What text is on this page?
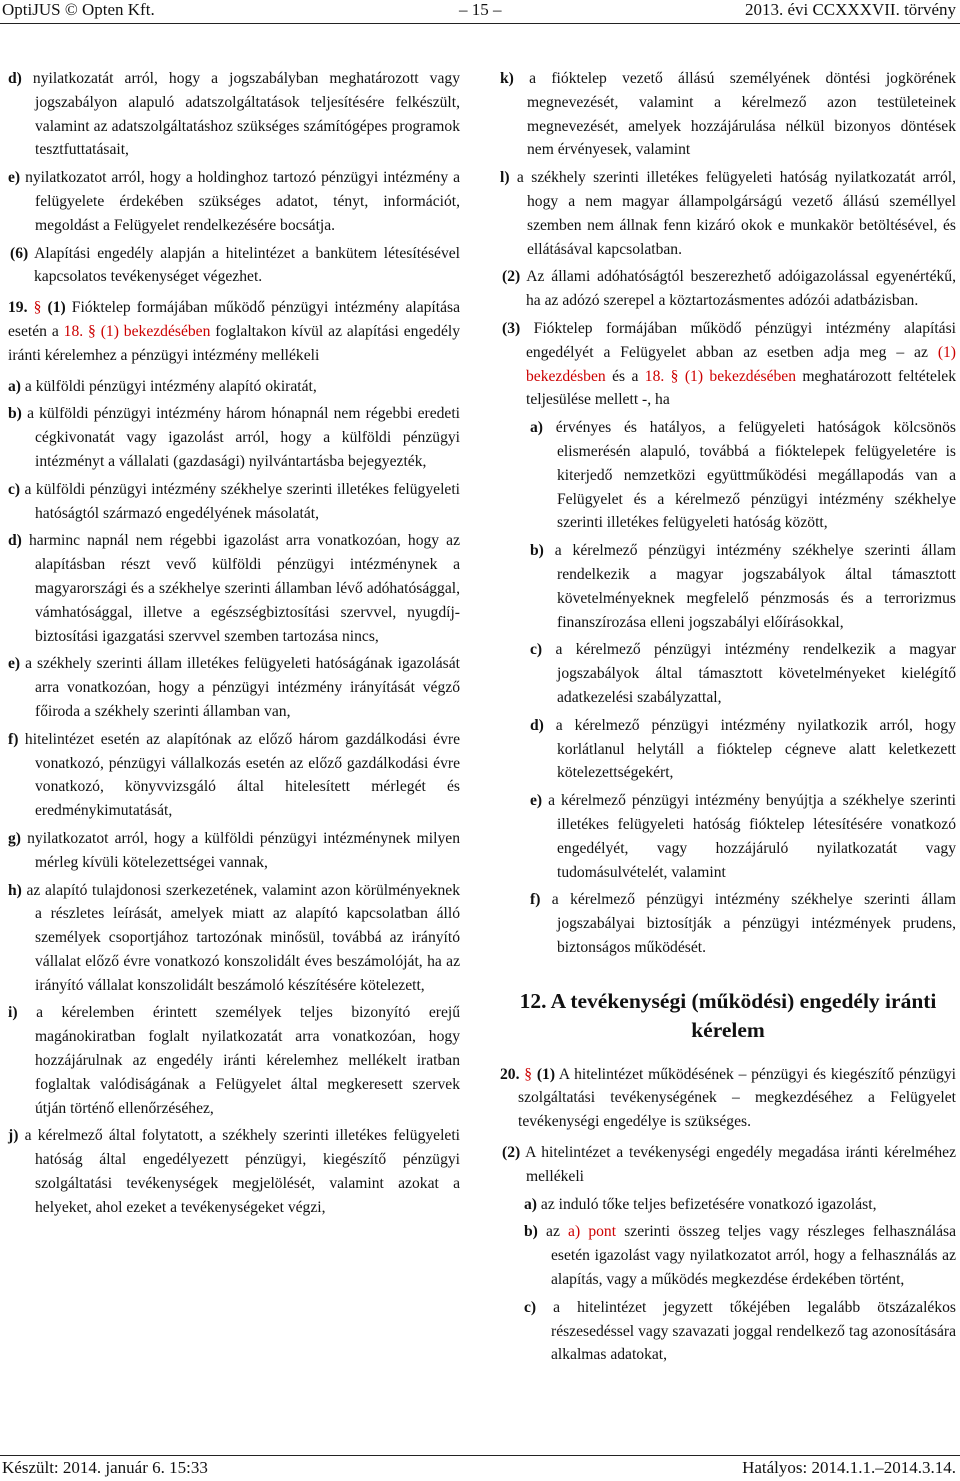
OptiJUS © Opten Kft.	– 15 –	2013. évi CCXXXVII. törvény
d) nyilatkozatát arról, hogy a jogszabályban meghatározott vagy jogszabályon alapuló adatszolgáltatások teljesítésére felkészült, valamint az adatszolgáltatáshoz szükséges számítógépes programok tesztfuttatásait,
e) nyilatkozatot arról, hogy a holdinghoz tartozó pénzügyi intézmény a felügyelete érdekében szükséges adatot, tényt, információt, megoldást a Felügyelet rendelkezésére bocsátja.
(6) Alapítási engedély alapján a hitelintézet a bankütem létesítésével kapcsolatos tevékenységet végezhet.
19. § (1) Fióktelep formájában működő pénzügyi intézmény alapítása esetén a 18. § (1) bekezdésében foglaltakon kívül az alapítási engedély iránti kérelemhez a pénzügyi intézmény mellékeli
a) a külföldi pénzügyi intézmény alapító okiratát,
b) a külföldi pénzügyi intézmény három hónapnál nem régebbi eredeti cégkivonatát vagy igazolást arról, hogy a külföldi pénzügyi intézményt a vállalati (gazdasági) nyilvántartásba bejegyezték,
c) a külföldi pénzügyi intézmény székhelye szerinti illetékes felügyeleti hatóságtól származó engedélyének másolatát,
d) harminc napnál nem régebbi igazolást arra vonatkozóan, hogy az alapításban részt vevő külföldi pénzügyi intézménynek a magyarországi és a székhelye szerinti államban lévő adóhatósággal, vámhatósággal, illetve a egészségbiztosítási szervvel, nyugdíj-biztosítási igazgatási szervvel szemben tartozása nincs,
e) a székhely szerinti állam illetékes felügyeleti hatóságának igazolását arra vonatkozóan, hogy a pénzügyi intézmény irányítását végző főiroda a székhely szerinti államban van,
f) hitelintézet esetén az alapítónak az előző három gazdálkodási évre vonatkozó, pénzügyi vállalkozás esetén az előző gazdálkodási évre vonatkozó, könyvvizsgáló által hitelesített mérlegét és eredménykimutatását,
g) nyilatkozatot arról, hogy a külföldi pénzügyi intézménynek milyen mérleg kívüli kötelezettségei vannak,
h) az alapító tulajdonosi szerkezetének, valamint azon körülményeknek a részletes leírását, amelyek miatt az alapító kapcsolatban álló személyek csoportjához tartozónak minősül, továbbá az irányító vállalat előző évre vonatkozó konszolidált éves beszámolóját, ha az irányító vállalat konszolidált beszámoló készítésére kötelezett,
i) a kérelemben érintett személyek teljes bizonyító erejű magánokiratban foglalt nyilatkozatát arra vonatkozóan, hogy hozzájárulnak az engedély iránti kérelemhez mellékelt iratban foglaltak valódiságának a Felügyelet által megkeresett szervek útján történő ellenőrzéséhez,
j) a kérelmező által folytatott, a székhely szerinti illetékes felügyeleti hatóság által engedélyezett pénzügyi, kiegészítő pénzügyi szolgáltatási tevékenységek megjelölését, valamint azokat a helyeket, ahol ezeket a tevékenységeket végzi,
k) a fióktelep vezető állású személyének döntési jogkörének megnevezését, valamint a kérelmező azon testületeinek megnevezését, amelyek hozzájárulása nélkül bizonyos döntések nem érvényesek, valamint
l) a székhely szerinti illetékes felügyeleti hatóság nyilatkozatát arról, hogy a nem magyar állampolgárságú vezető állású személlyel szemben nem állnak fenn kizáró okok e munkakör betöltésével, és ellátásával kapcsolatban.
(2) Az állami adóhatóságtól beszerezhető adóigazolással egyenértékű, ha az adózó szerepel a köztartozásmentes adózói adatbázisban.
(3) Fióktelep formájában működő pénzügyi intézmény alapítási engedélyét a Felügyelet abban az esetben adja meg – az (1) bekezdésben és a 18. § (1) bekezdésében meghatározott feltételek teljesülése mellett -, ha
a) érvényes és hatályos, a felügyeleti hatóságok kölcsönös elismerésén alapuló, továbbá a fióktelepek felügyeletére is kiterjedő nemzetközi együttműködési megállapodás van a Felügyelet és a kérelmező pénzügyi intézmény székhelye szerinti illetékes felügyeleti hatóság között,
b) a kérelmező pénzügyi intézmény székhelye szerinti állam rendelkezik a magyar jogszabályok által támasztott követelményeknek megfelelő pénzmosás és a terrorizmus finanszírozása elleni jogszabályi előírásokkal,
c) a kérelmező pénzügyi intézmény rendelkezik a magyar jogszabályok által támasztott követelményeket kielégítő adatkezelési szabályzattal,
d) a kérelmező pénzügyi intézmény nyilatkozik arról, hogy korlátlanul helytáll a fióktelep cégneve alatt keletkezett kötelezettségekért,
e) a kérelmező pénzügyi intézmény benyújtja a székhelye szerinti illetékes felügyeleti hatóság fióktelep létesítésére vonatkozó engedélyét, vagy hozzájáruló nyilatkozatát vagy tudomásulvételét, valamint
f) a kérelmező pénzügyi intézmény székhelye szerinti állam jogszabályai biztosítják a pénzügyi intézmények prudens, biztonságos működését.
12. A tevékenységi (működési) engedély iránti kérelem
20. § (1) A hitelintézet működésének – pénzügyi és kiegészítő pénzügyi szolgáltatási tevékenységének – megkezdéséhez a Felügyelet tevékenységi engedélye is szükséges.
(2) A hitelintézet a tevékenységi engedély megadása iránti kérelméhez mellékeli
a) az induló tőke teljes befizetésére vonatkozó igazolást,
b) az a) pont szerinti összeg teljes vagy részleges felhasználása esetén igazolást vagy nyilatkozatot arról, hogy a felhasználás az alapítás, vagy a működés megkezdése érdekében történt,
c) a hitelintézet jegyzett tőkéjében legalább ötszázalékos részesedéssel vagy szavazati joggal rendelkező tag azonosítására alkalmas adatokat,
Készült: 2014. január 6. 15:33	Hatályos: 2014.1.1.–2014.3.14.
